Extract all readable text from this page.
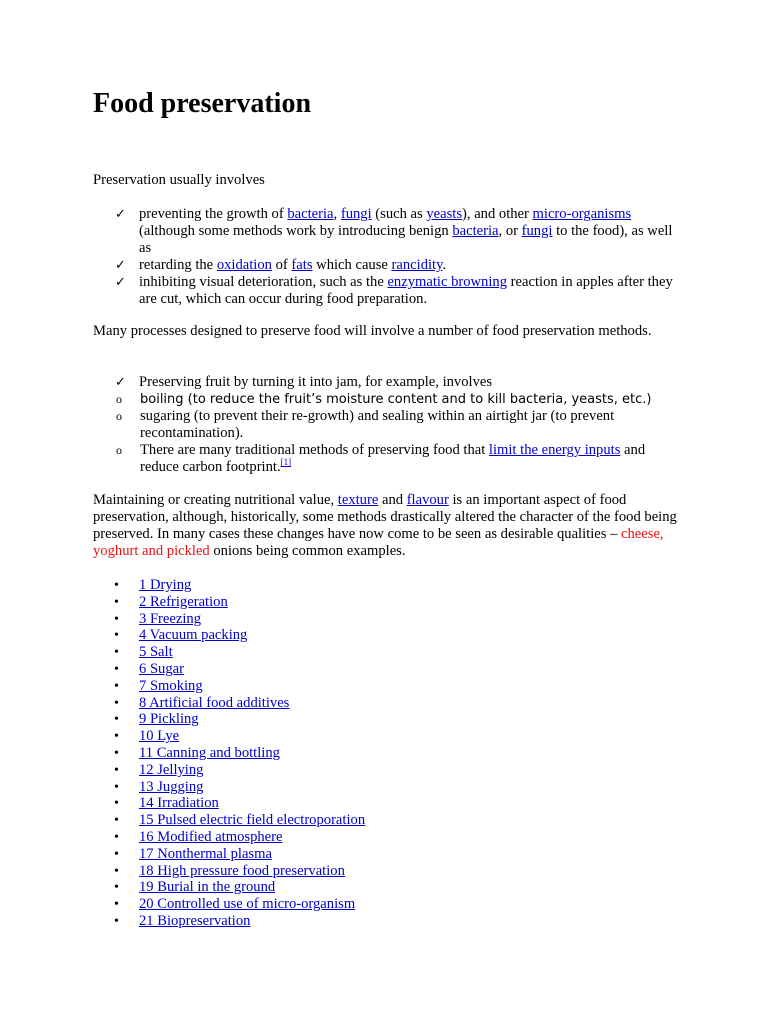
Food preservation

Preservation usually involves

✓ preventing the growth of bacteria, fungi (such as yeasts), and other micro-organisms (although some methods work by introducing benign bacteria, or fungi to the food), as well as
✓ retarding the oxidation of fats which cause rancidity.
✓ inhibiting visual deterioration, such as the enzymatic browning reaction in apples after they are cut, which can occur during food preparation.

Many processes designed to preserve food will involve a number of food preservation methods.

✓ Preserving fruit by turning it into jam, for example, involves
o boiling (to reduce the fruit’s moisture content and to kill bacteria, yeasts, etc.)
o sugaring (to prevent their re-growth) and sealing within an airtight jar (to prevent recontamination).
o There are many traditional methods of preserving food that limit the energy inputs and reduce carbon footprint.[1]

Maintaining or creating nutritional value, texture and flavour is an important aspect of food preservation, although, historically, some methods drastically altered the character of the food being preserved. In many cases these changes have now come to be seen as desirable qualities – cheese, yoghurt and pickled onions being common examples.

• 1 Drying
• 2 Refrigeration
• 3 Freezing
• 4 Vacuum packing
• 5 Salt
• 6 Sugar
• 7 Smoking
• 8 Artificial food additives
• 9 Pickling
• 10 Lye
• 11 Canning and bottling
• 12 Jellying
• 13 Jugging
• 14 Irradiation
• 15 Pulsed electric field electroporation
• 16 Modified atmosphere
• 17 Nonthermal plasma
• 18 High pressure food preservation
• 19 Burial in the ground
• 20 Controlled use of micro-organism
• 21 Biopreservation
